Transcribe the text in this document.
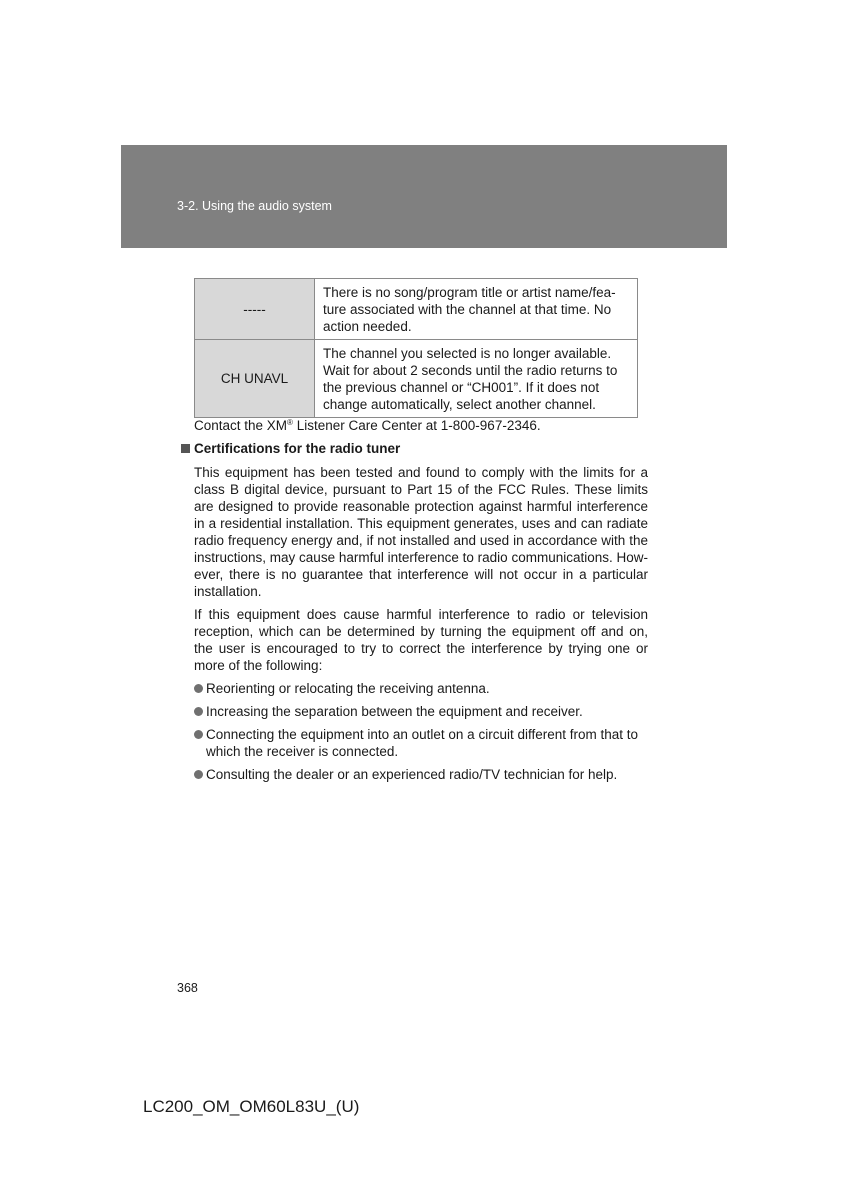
3-2. Using the audio system
-----	There is no song/program title or artist name/fea-ture associated with the channel at that time. No action needed.
CH UNAVL	The channel you selected is no longer available. Wait for about 2 seconds until the radio returns to the previous channel or “CH001”. If it does not change automatically, select another channel.
Contact the XM® Listener Care Center at 1-800-967-2346.
Certifications for the radio tuner

This equipment has been tested and found to comply with the limits for a class B digital device, pursuant to Part 15 of the FCC Rules. These limits are designed to provide reasonable protection against harmful interference in a residential installation. This equipment generates, uses and can radiate radio frequency energy and, if not installed and used in accordance with the instructions, may cause harmful interference to radio communications. How-ever, there is no guarantee that interference will not occur in a particular installation.

If this equipment does cause harmful interference to radio or television reception, which can be determined by turning the equipment off and on, the user is encouraged to try to correct the interference by trying one or more of the following:

Reorienting or relocating the receiving antenna.
Increasing the separation between the equipment and receiver.
Connecting the equipment into an outlet on a circuit different from that to which the receiver is connected.
Consulting the dealer or an experienced radio/TV technician for help.
368
LC200_OM_OM60L83U_(U)
